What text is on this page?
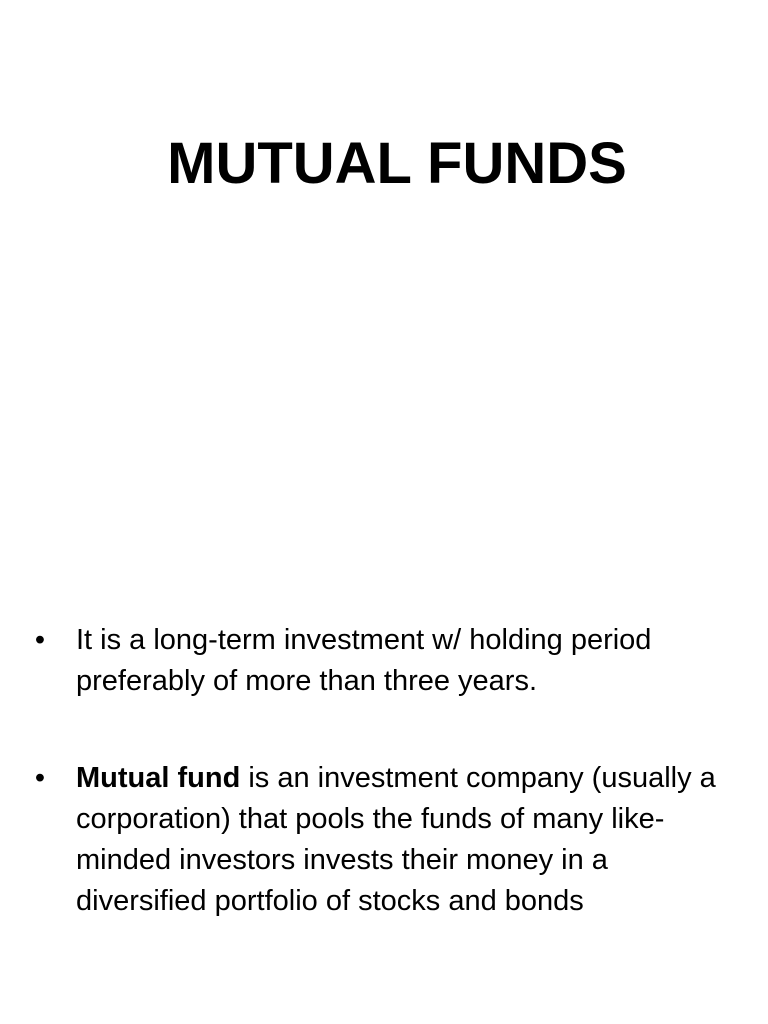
MUTUAL FUNDS
• It is a long-term investment w/ holding period preferably of more than three years.
• Mutual fund is an investment company (usually a corporation) that pools the funds of many like-minded investors invests their money in a diversified portfolio of stocks and bonds
